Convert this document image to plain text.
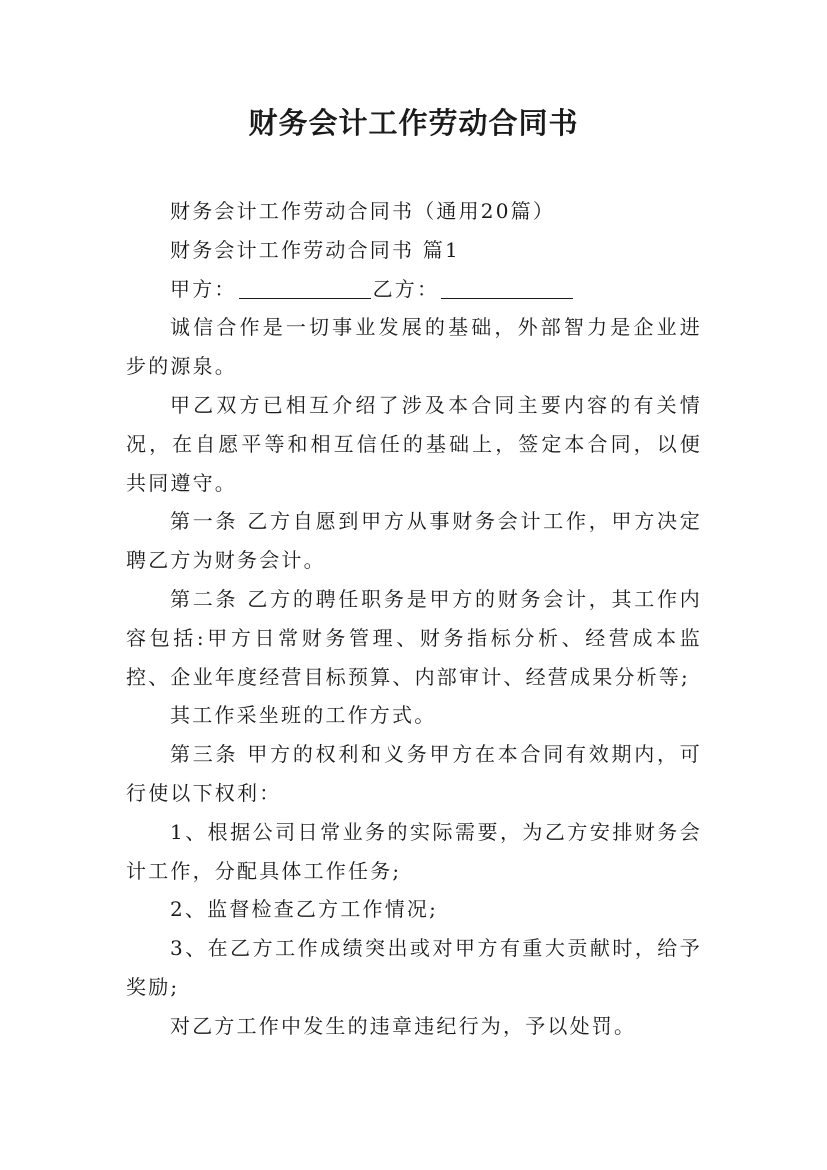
财务会计工作劳动合同书

财务会计工作劳动合同书（通用20篇）

财务会计工作劳动合同书 篇1

甲方：	乙方：

诚信合作是一切事业发展的基础，外部智力是企业进步的源泉。

甲乙双方已相互介绍了涉及本合同主要内容的有关情况，在自愿平等和相互信任的基础上，签定本合同，以便共同遵守。

第一条 乙方自愿到甲方从事财务会计工作，甲方决定聘乙方为财务会计。

第二条 乙方的聘任职务是甲方的财务会计，其工作内容包括:甲方日常财务管理、财务指标分析、经营成本监控、企业年度经营目标预算、内部审计、经营成果分析等;

其工作采坐班的工作方式。

第三条 甲方的权利和义务甲方在本合同有效期内，可行使以下权利：

1、根据公司日常业务的实际需要，为乙方安排财务会计工作，分配具体工作任务;

2、监督检查乙方工作情况;

3、在乙方工作成绩突出或对甲方有重大贡献时，给予奖励;

对乙方工作中发生的违章违纪行为，予以处罚。
